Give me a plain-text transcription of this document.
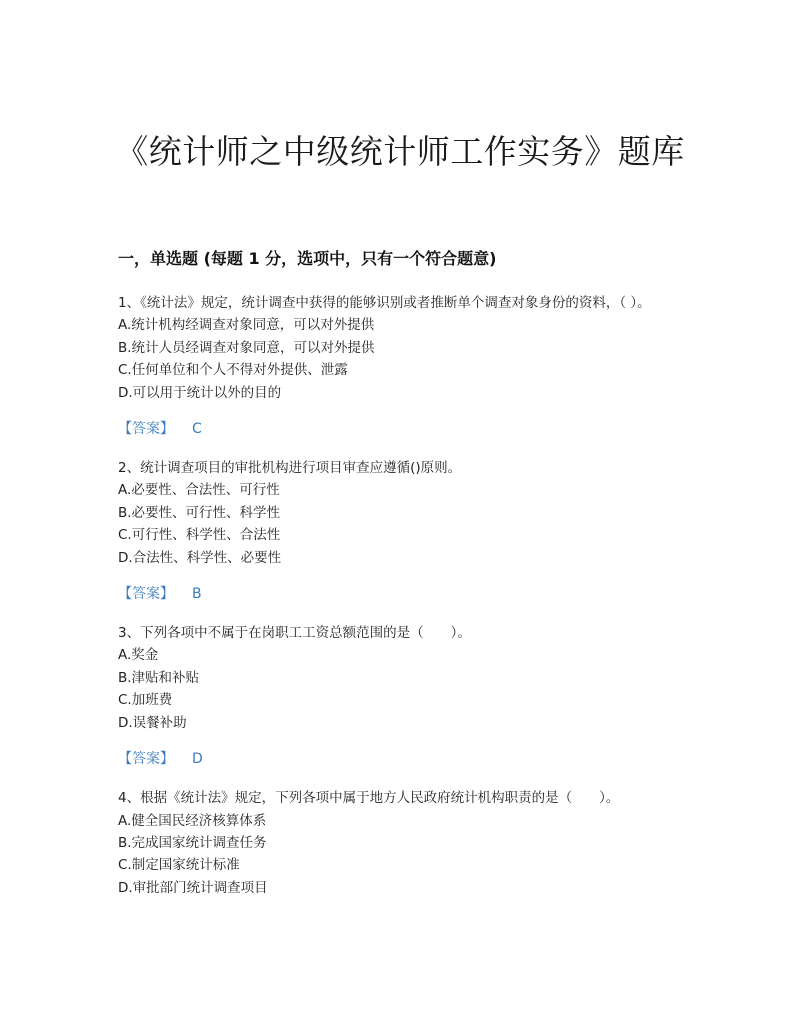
《统计师之中级统计师工作实务》题库
一，单选题 (每题 1 分，选项中，只有一个符合题意)
1、《统计法》规定，统计调查中获得的能够识别或者推断单个调查对象身份的资料，（ ）。
A.统计机构经调查对象同意，可以对外提供
B.统计人员经调查对象同意，可以对外提供
C.任何单位和个人不得对外提供、泄露
D.可以用于统计以外的目的
【答案】 C
2、统计调查项目的审批机构进行项目审查应遵循()原则。
A.必要性、合法性、可行性
B.必要性、可行性、科学性
C.可行性、科学性、合法性
D.合法性、科学性、必要性
【答案】 B
3、下列各项中不属于在岗职工工资总额范围的是（　　）。
A.奖金
B.津贴和补贴
C.加班费
D.误餐补助
【答案】 D
4、根据《统计法》规定，下列各项中属于地方人民政府统计机构职责的是（　　）。
A.健全国民经济核算体系
B.完成国家统计调查任务
C.制定国家统计标准
D.审批部门统计调查项目
